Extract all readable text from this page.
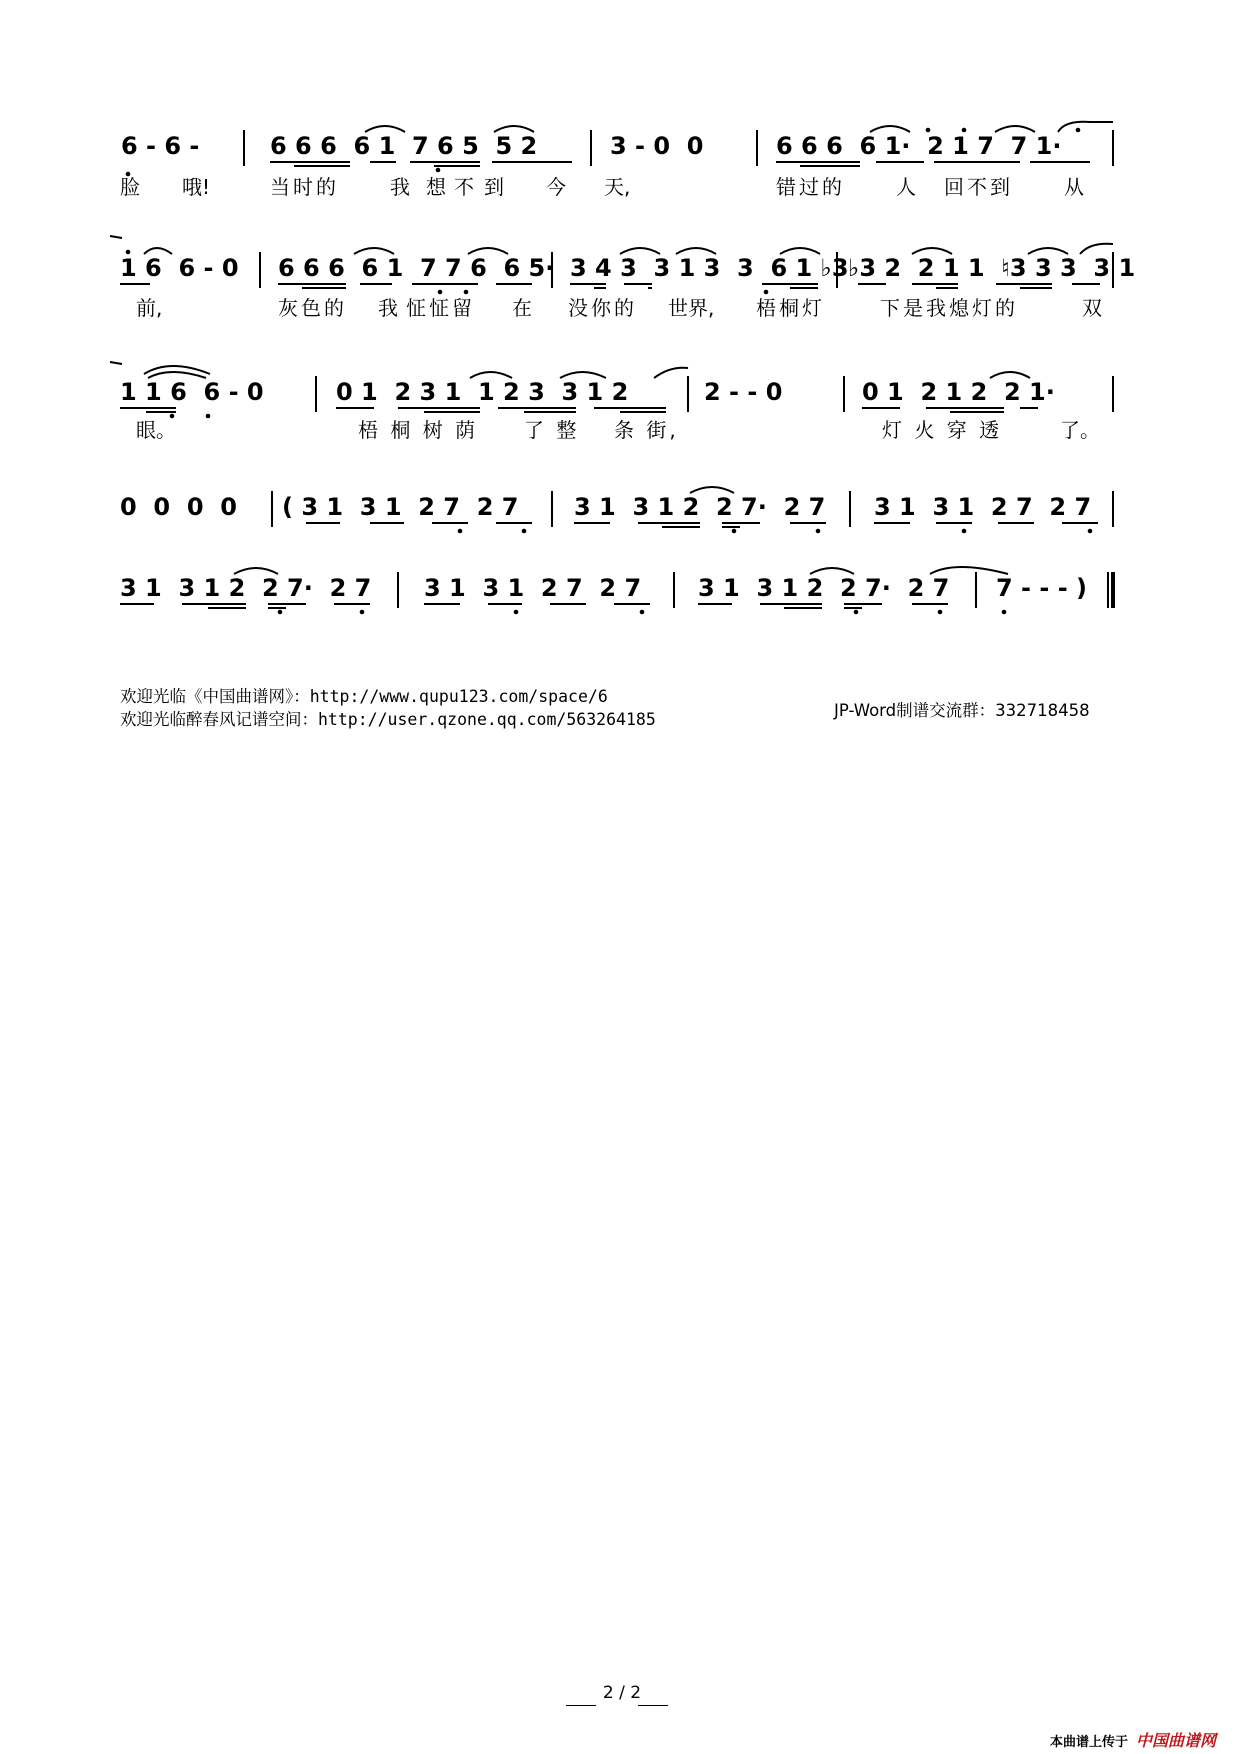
6 - 6 -	6 6 6  6 1  7 6 5  5 2	3 - 0  0	6 6 6  6 1·  2 1 7  7 1·
脸 哦!	当时的	我 想 不 到 今 天,	错过的	人 回不到	从
1 6  6 - 0 6 6 6  6 1  7 7 6  6 5· 3 4 3  3 1 3  3  6 1 ♭3 ♭3 2  2 1 1  ♮3 3 3  3 1
前,	灰色的 我 怔怔留 在 没你的 世界, 梧桐灯	下是我熄灯的	双
1 1 6  6 - 0	0 1  2 3 1  1 2 3  3 1 2	2 - - 0	0 1  2 1 2  2 1·
眼。	梧 桐 树 荫 了 整 条 街,	灯 火 穿 透	了。
0  0  0  0 ( 3 1  3 1  2 7  2 7 3 1  3 1 2  2 7·  2 7 3 1  3 1  2 7  2 7
3 1  3 1 2  2 7·  2 7 3 1  3 1  2 7  2 7 3 1  3 1 2  2 7·  2 7 7 - - - )
欢迎光临《中国曲谱网》：http://www.qupu123.com/space/6
欢迎光临醉春风记谱空间：http://user.qzone.qq.com/563264185	JP-Word制谱交流群：332718458
2 / 2
本曲谱上传于 中国曲谱网
